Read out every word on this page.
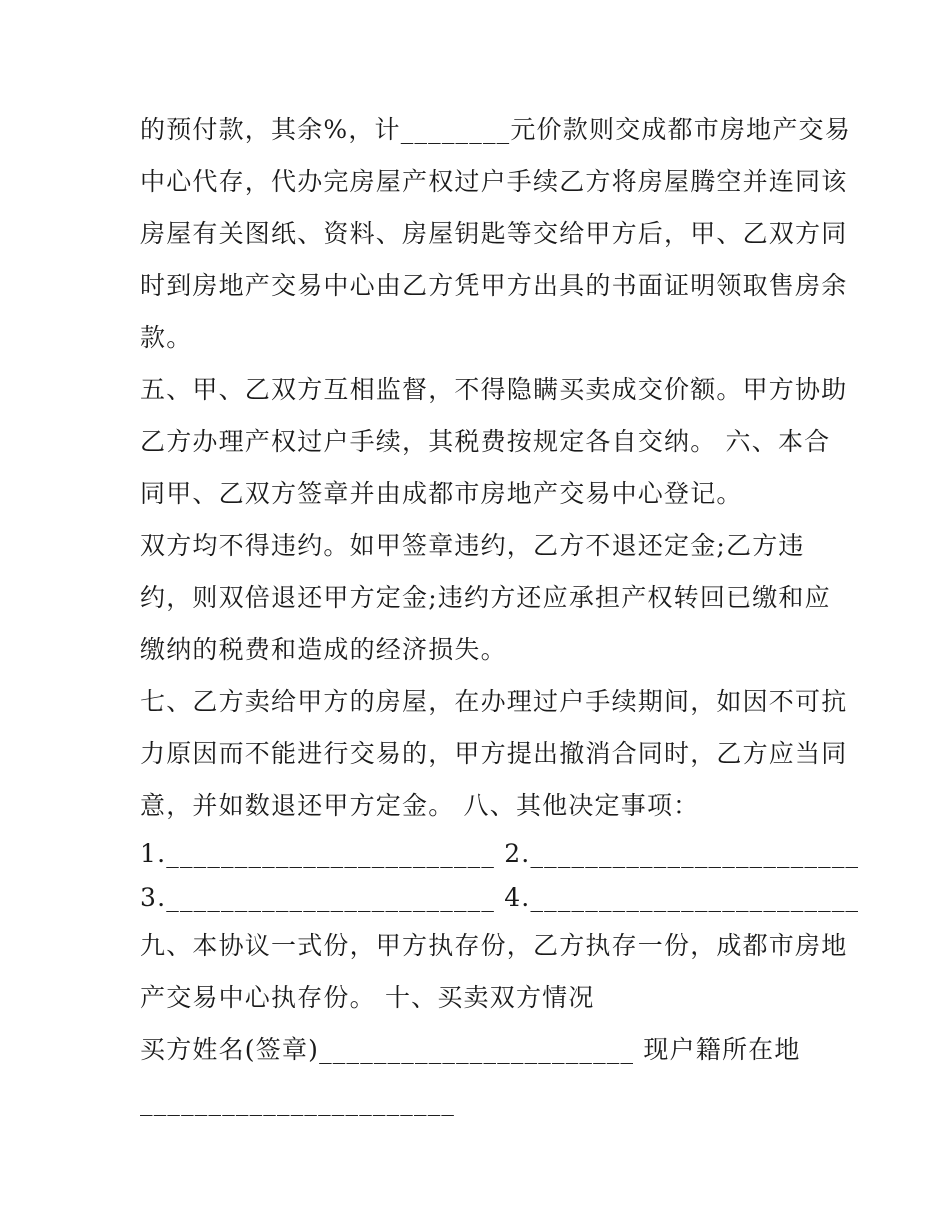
的预付款，其余%，计________元价款则交成都市房地产交易
中心代存，代办完房屋产权过户手续乙方将房屋腾空并连同该
房屋有关图纸、资料、房屋钥匙等交给甲方后，甲、乙双方同
时到房地产交易中心由乙方凭甲方出具的书面证明领取售房余
款。
五、甲、乙双方互相监督，不得隐瞒买卖成交价额。甲方协助
乙方办理产权过户手续，其税费按规定各自交纳。 六、本合
同甲、乙双方签章并由成都市房地产交易中心登记。
双方均不得违约。如甲签章违约，乙方不退还定金;乙方违
约，则双倍退还甲方定金;违约方还应承担产权转回已缴和应
缴纳的税费和造成的经济损失。
七、乙方卖给甲方的房屋，在办理过户手续期间，如因不可抗
力原因而不能进行交易的，甲方提出撤消合同时，乙方应当同
意，并如数退还甲方定金。 八、其他决定事项：
1.________________________ 2.________________________
3.________________________ 4.________________________
九、本协议一式份，甲方执存份，乙方执存一份，成都市房地
产交易中心执存份。 十、买卖双方情况
买方姓名(签章)_______________________ 现户籍所在地
_______________________
